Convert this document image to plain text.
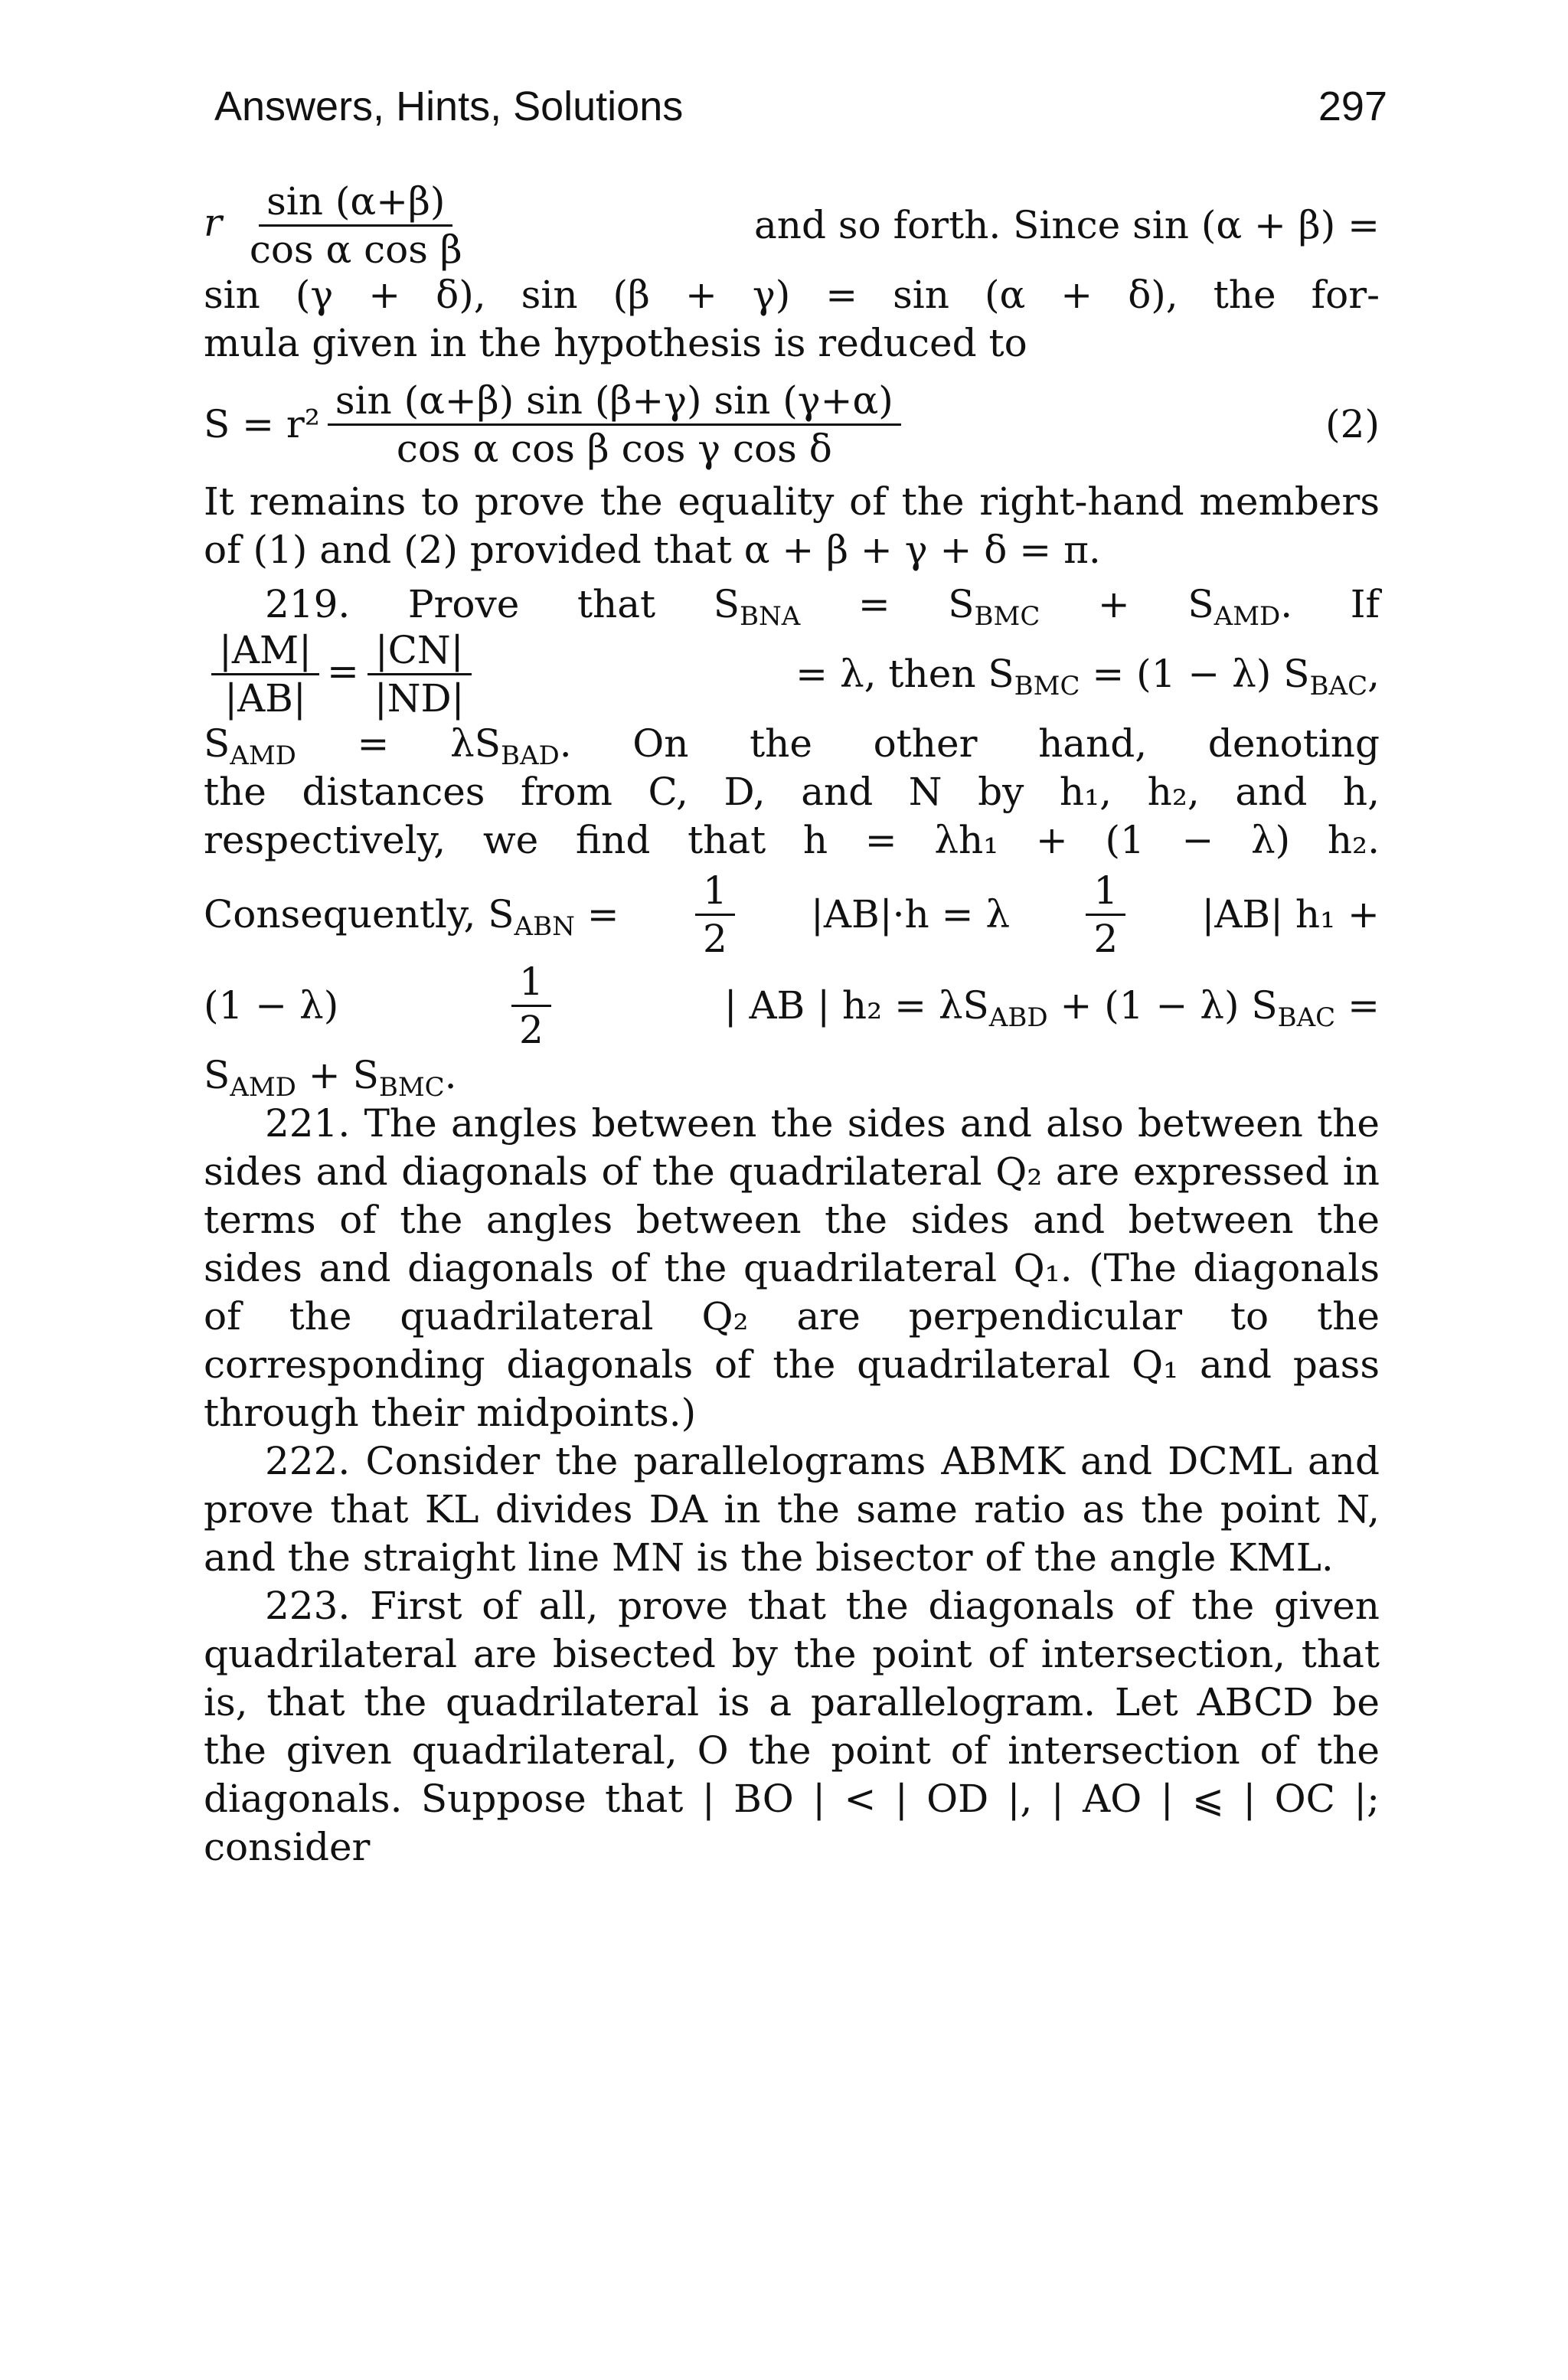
Answers, Hints, Solutions	297
r $\frac{\sin (\alpha+\beta)}{\text{cos α cos β}}$	and so forth. Since sin (α + β) =

sin (γ + δ), sin (β + γ) = sin (α + δ), the for-

mula given in the hypothesis is reduced to

$S = r^2 \frac{\sin (\alpha+\beta) \sin (\beta+\gamma) \sin (\gamma+\alpha)}{\text{cos α cos β cos γ cos δ}}$	(2)

It remains to prove the equality of the right-hand members of (1) and (2) provided that α + β + γ + δ = π.

219. Prove that $S_{BNA} = S_{BMC} + S_{AMD}$. If
$\frac{|AM|}{|AB|} = \frac{|CN|}{|ND|}$	= λ, then $S_{BMC} = (1 - \lambda)$ $S_{BAC}$,
$S_{AMD} = \lambda S_{BAD}$. On the other hand, denoting

the distances from C, D, and N by h₁, h₂, and h,

respectively, we find that h = λh₁ + (1 − λ) h₂.

Consequently, $S_{ABN} = \frac{1}{2} |AB|\cdot h = \lambda \frac{1}{2} |AB|$ h₁ +
(1 − λ)	$\frac{1}{2}$	| AB | $h_2 = \lambda S_{ABD} + (1 - \lambda) S_{BAC}$ =
$S_{AMD} + S_{BMC}$.

221. The angles between the sides and also between the sides and diagonals of the quadrilateral Q₂ are expressed in terms of the angles between the sides and between the sides and diagonals of the quadrilateral Q₁. (The diagonals of the quadrilateral Q₂ are perpendicular to the corresponding diagonals of the quadrilateral Q₁ and pass through their midpoints.)

222. Consider the parallelograms ABMK and DCML and prove that KL divides DA in the same ratio as the point N, and the straight line MN is the bisector of the angle KML.

223. First of all, prove that the diagonals of the given quadrilateral are bisected by the point of intersection, that is, that the quadrilateral is a parallelogram. Let ABCD be the given quadrilateral, O the point of intersection of the diagonals. Suppose that | BO | < | OD |, | AO | ⩽ | OC |; consider
